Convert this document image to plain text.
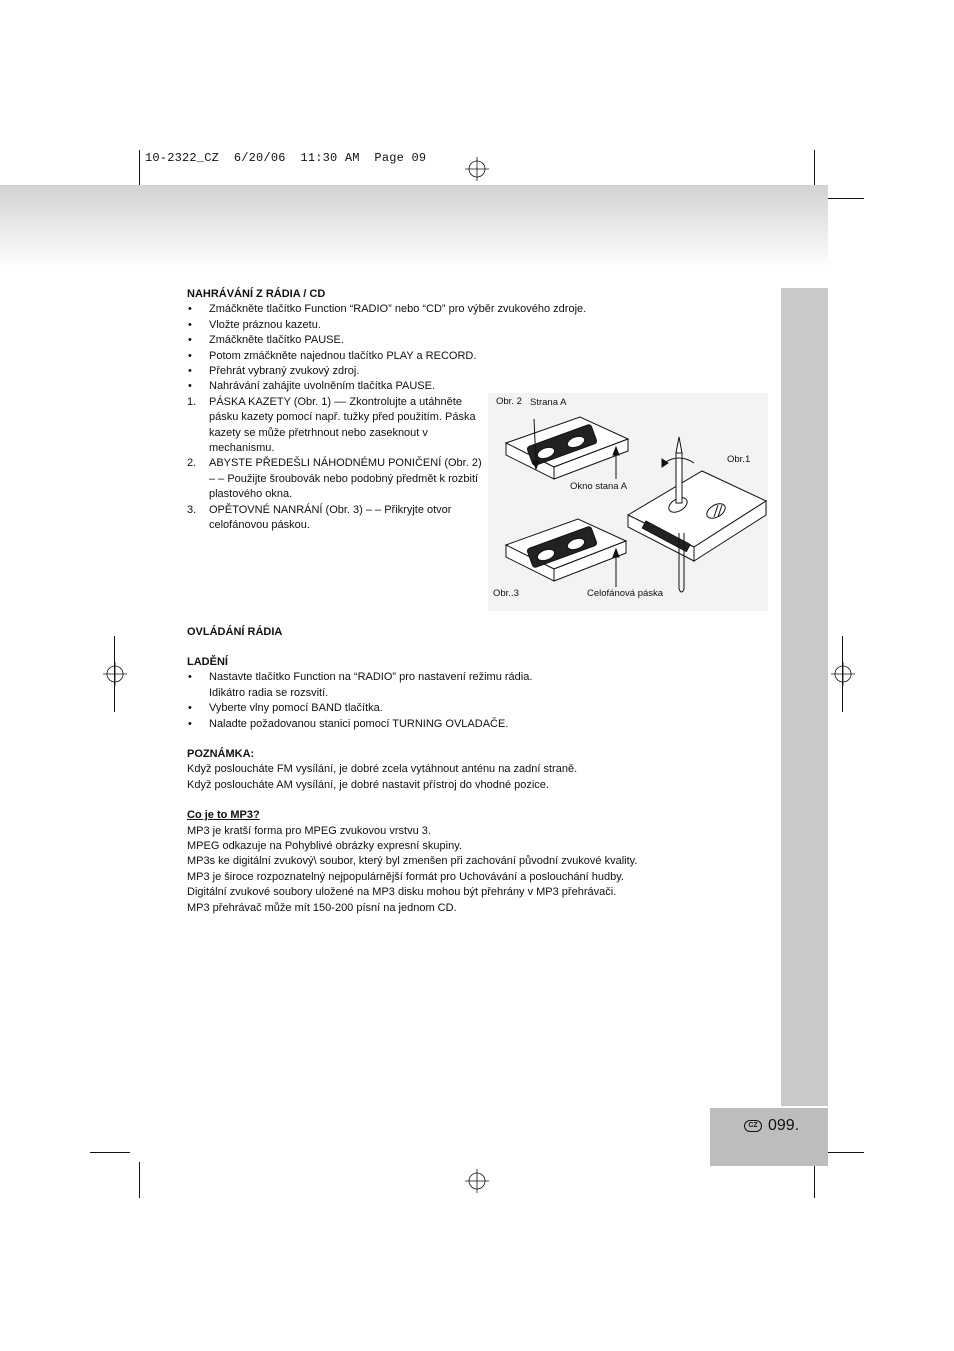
10-2322_CZ  6/20/06  11:30 AM  Page 09
CZ 099.

NAHRÁVÁNÍ Z RÁDIA / CD

• Zmáčkněte tlačítko Function “RADIO” nebo “CD” pro výběr zvukového zdroje.
• Vložte práznou kazetu.
• Zmáčkněte tlačítko PAUSE.
• Potom zmáčkněte najednou tlačítko PLAY a RECORD.
• Přehrát vybraný zvukový zdroj.
• Nahrávání zahájite uvolněním tlačítka PAUSE.
1. PÁSKA KAZETY (Obr. 1) –– Zkontrolujte a utáhněte pásku kazety pomocí např. tužky před použitím. Páska kazety se může přetrhnout nebo zaseknout v mechanismu.
2. ABYSTE PŘEDEŠLI NÁHODNÉMU PONIČENÍ (Obr. 2) – – Použijte šroubovák nebo podobný předmět k rozbití plastového okna.
3. OPĚTOVNÉ NANRÁNÍ (Obr. 3) – – Přikryjte otvor celofánovou páskou.

OVLÁDÁNÍ RÁDIA

LADĚNÍ

• Nastavte tlačítko Function na “RADIO” pro nastavení režimu rádia.
Idikátro radia se rozsvití.
• Vyberte vlny pomocí BAND tlačítka.
• Naladte požadovanou stanici pomocí TURNING OVLADAČE.

POZNÁMKA:

Když posloucháte FM vysílání, je dobré zcela vytáhnout anténu na zadní straně.

Když posloucháte AM vysílání, je dobré nastavit přístroj do vhodné pozice.

Co je to MP3?

MP3 je kratší forma pro MPEG zvukovou vrstvu 3.

MPEG odkazuje na Pohyblivé obrázky expresní skupiny.

MP3s ke digitální zvukový\ soubor, který byl zmenšen při zachování původní zvukové kvality.

MP3 je široce rozpoznatelný nejpopulárnější formát pro Uchovávání a poslouchání hudby.

Digitální zvukové soubory uložené na MP3 disku mohou být přehrány v MP3 přehrávači.

MP3 přehrávač může mít 150-200 písní na jednom CD.

Obr. 2 Strana A
Obr.1
Okno stana A
Obr..3	Celofánová páska
